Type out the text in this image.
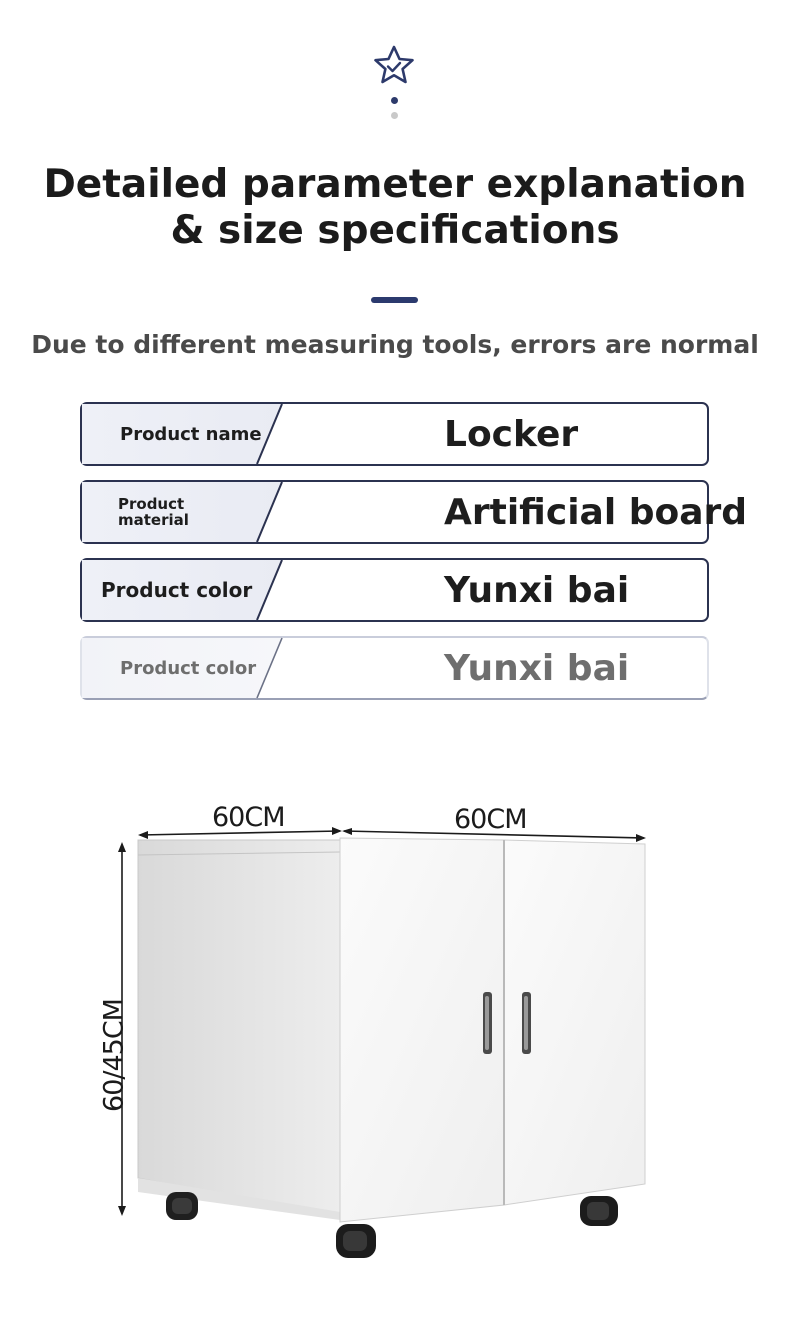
Detailed parameter explanation
& size specifications
Due to different measuring tools, errors are normal
Product name	Locker
Product
material	Artificial board
Product color	Yunxi bai
Product color	Yunxi bai
60CM	60CM
60/45CM
